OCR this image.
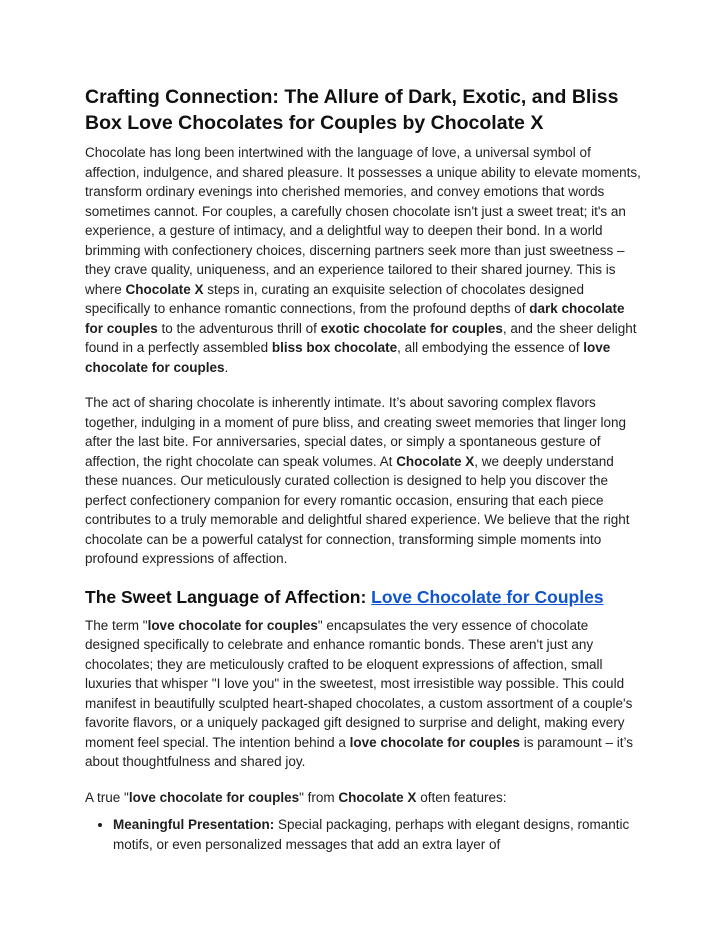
Crafting Connection: The Allure of Dark, Exotic, and Bliss Box Love Chocolates for Couples by Chocolate X

Chocolate has long been intertwined with the language of love, a universal symbol of affection, indulgence, and shared pleasure. It possesses a unique ability to elevate moments, transform ordinary evenings into cherished memories, and convey emotions that words sometimes cannot. For couples, a carefully chosen chocolate isn't just a sweet treat; it's an experience, a gesture of intimacy, and a delightful way to deepen their bond. In a world brimming with confectionery choices, discerning partners seek more than just sweetness – they crave quality, uniqueness, and an experience tailored to their shared journey. This is where Chocolate X steps in, curating an exquisite selection of chocolates designed specifically to enhance romantic connections, from the profound depths of dark chocolate for couples to the adventurous thrill of exotic chocolate for couples, and the sheer delight found in a perfectly assembled bliss box chocolate, all embodying the essence of love chocolate for couples.

The act of sharing chocolate is inherently intimate. It’s about savoring complex flavors together, indulging in a moment of pure bliss, and creating sweet memories that linger long after the last bite. For anniversaries, special dates, or simply a spontaneous gesture of affection, the right chocolate can speak volumes. At Chocolate X, we deeply understand these nuances. Our meticulously curated collection is designed to help you discover the perfect confectionery companion for every romantic occasion, ensuring that each piece contributes to a truly memorable and delightful shared experience. We believe that the right chocolate can be a powerful catalyst for connection, transforming simple moments into profound expressions of affection.

The Sweet Language of Affection: Love Chocolate for Couples

The term "love chocolate for couples" encapsulates the very essence of chocolate designed specifically to celebrate and enhance romantic bonds. These aren't just any chocolates; they are meticulously crafted to be eloquent expressions of affection, small luxuries that whisper "I love you" in the sweetest, most irresistible way possible. This could manifest in beautifully sculpted heart-shaped chocolates, a custom assortment of a couple's favorite flavors, or a uniquely packaged gift designed to surprise and delight, making every moment feel special. The intention behind a love chocolate for couples is paramount – it’s about thoughtfulness and shared joy.

A true "love chocolate for couples" from Chocolate X often features:

• Meaningful Presentation: Special packaging, perhaps with elegant designs, romantic motifs, or even personalized messages that add an extra layer of
